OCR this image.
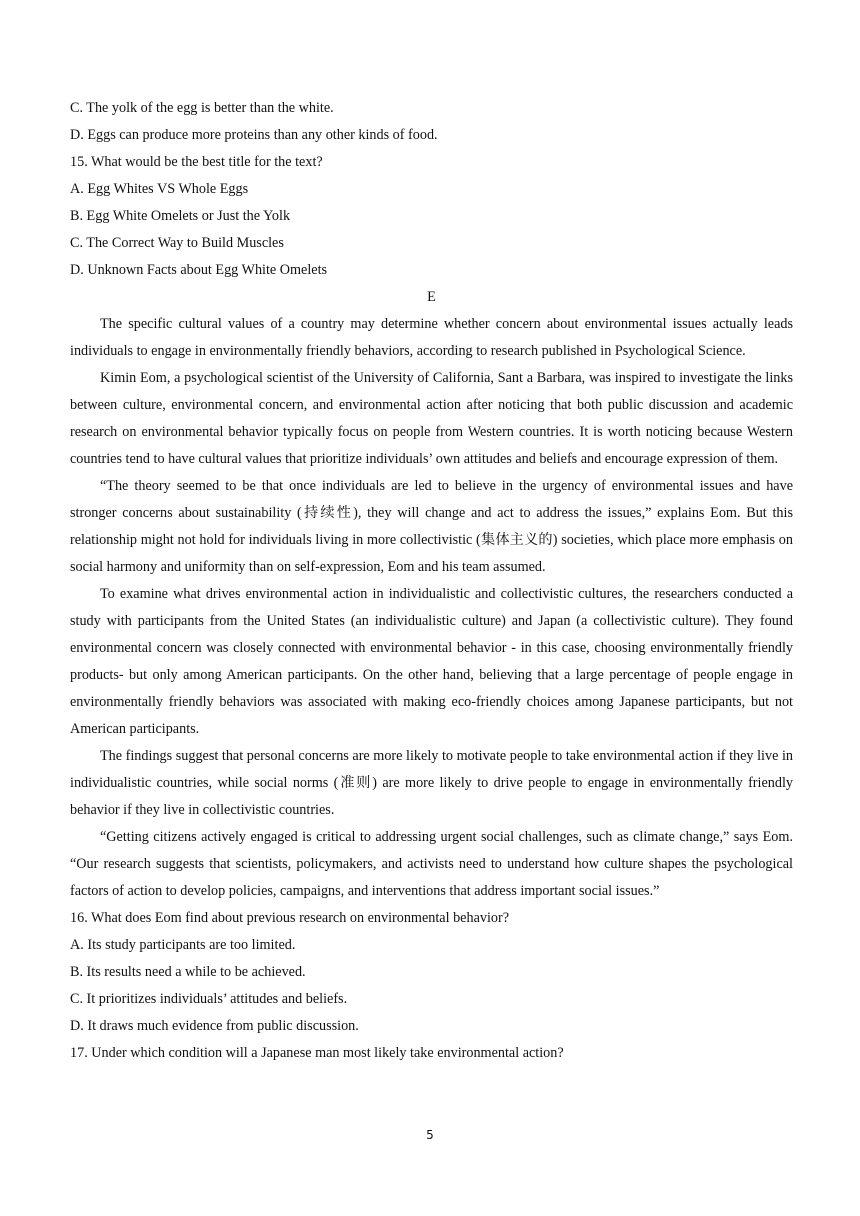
C. The yolk of the egg is better than the white.
D. Eggs can produce more proteins than any other kinds of food.
15. What would be the best title for the text?
A. Egg Whites VS Whole Eggs
B. Egg White Omelets or Just the Yolk
C. The Correct Way to Build Muscles
D. Unknown Facts about Egg White Omelets
E

The specific cultural values of a country may determine whether concern about environmental issues actually leads individuals to engage in environmentally friendly behaviors, according to research published in Psychological Science.

Kimin Eom, a psychological scientist of the University of California, Sant a Barbara, was inspired to investigate the links between culture, environmental concern, and environmental action after noticing that both public discussion and academic research on environmental behavior typically focus on people from Western countries. It is worth noticing because Western countries tend to have cultural values that prioritize individuals’ own attitudes and beliefs and encourage expression of them.

“The theory seemed to be that once individuals are led to believe in the urgency of environmental issues and have stronger concerns about sustainability (持续性), they will change and act to address the issues,” explains Eom. But this relationship might not hold for individuals living in more collectivistic (集体主义的) societies, which place more emphasis on social harmony and uniformity than on self-expression, Eom and his team assumed.

To examine what drives environmental action in individualistic and collectivistic cultures, the researchers conducted a study with participants from the United States (an individualistic culture) and Japan (a collectivistic culture). They found environmental concern was closely connected with environmental behavior - in this case, choosing environmentally friendly products- but only among American participants. On the other hand, believing that a large percentage of people engage in environmentally friendly behaviors was associated with making eco-friendly choices among Japanese participants, but not American participants.

The findings suggest that personal concerns are more likely to motivate people to take environmental action if they live in individualistic countries, while social norms (准则) are more likely to drive people to engage in environmentally friendly behavior if they live in collectivistic countries.

“Getting citizens actively engaged is critical to addressing urgent social challenges, such as climate change,” says Eom. “Our research suggests that scientists, policymakers, and activists need to understand how culture shapes the psychological factors of action to develop policies, campaigns, and interventions that address important social issues.”

16. What does Eom find about previous research on environmental behavior?
A. Its study participants are too limited.
B. Its results need a while to be achieved.
C. It prioritizes individuals’ attitudes and beliefs.
D. It draws much evidence from public discussion.
17. Under which condition will a Japanese man most likely take environmental action?
5
